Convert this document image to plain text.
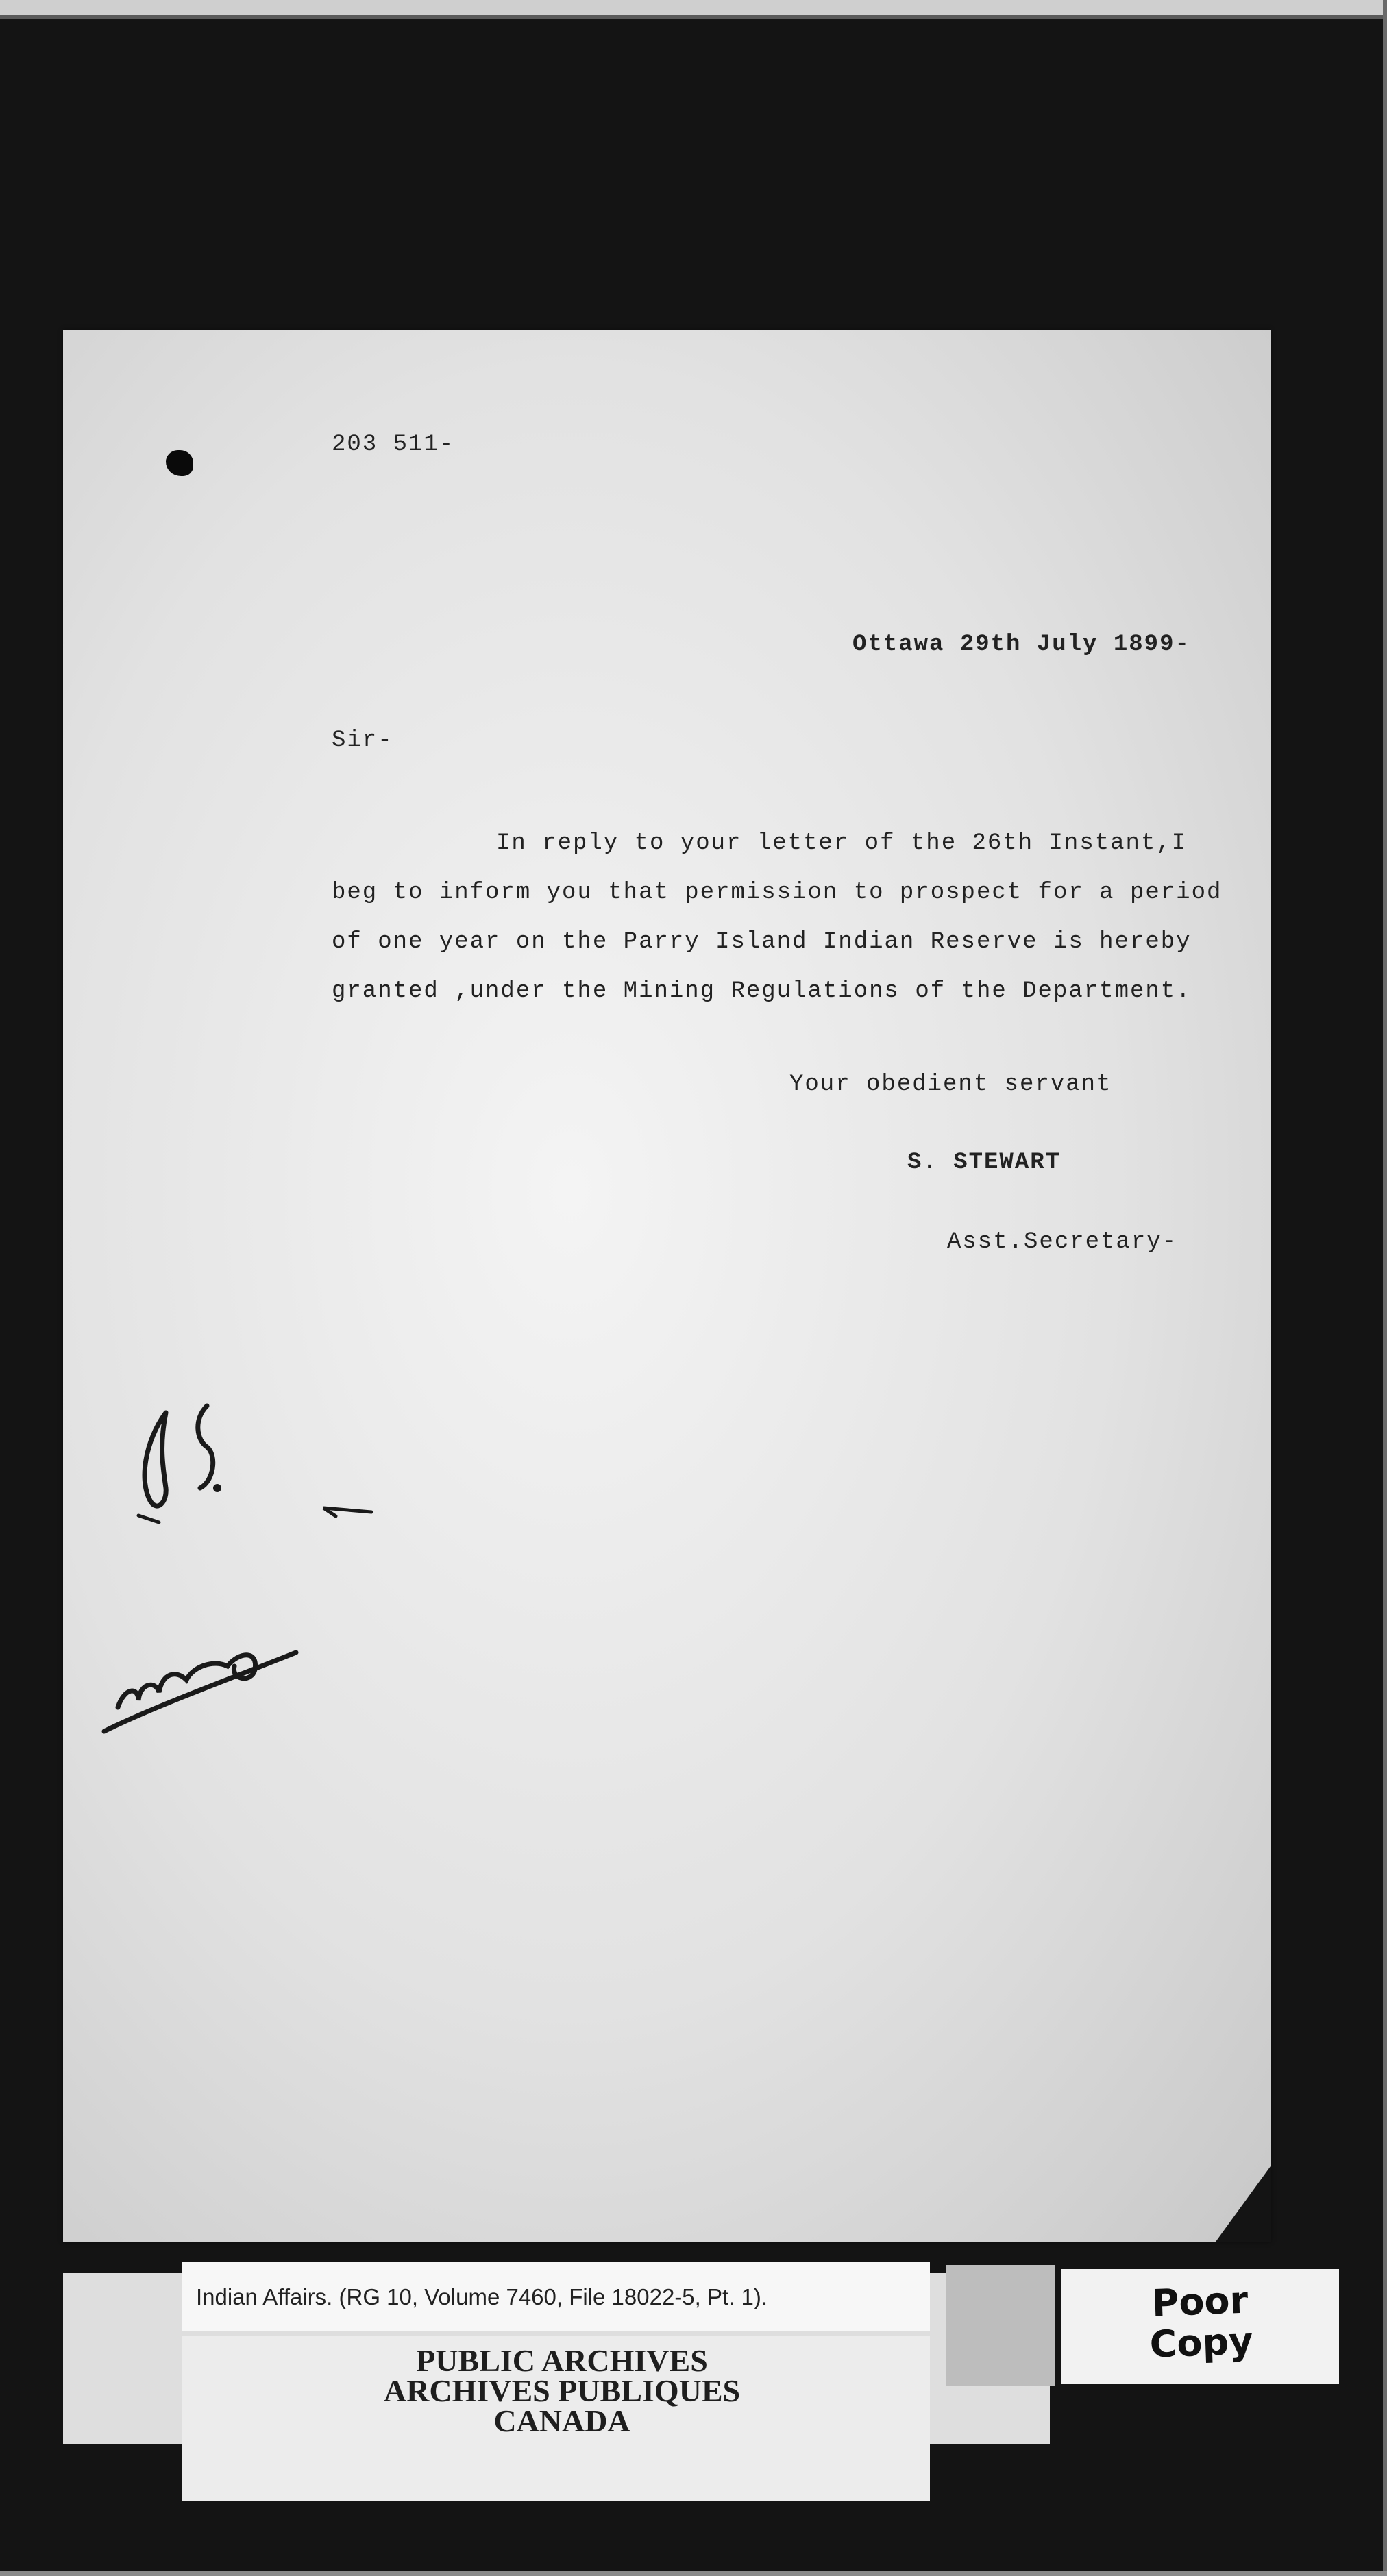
203 511-
Ottawa 29th July 1899-
Sir-
In reply to your letter of the 26th Instant,I
beg to inform you that permission to prospect for a period
of one year on the Parry Island Indian Reserve is hereby
granted ,under the Mining Regulations of the Department.
Your obedient servant
S. STEWART
Asst.Secretary-
Indian Affairs. (RG 10, Volume 7460, File 18022-5, Pt. 1).
PUBLIC ARCHIVES
ARCHIVES PUBLIQUES
CANADA
Poor
Copy
